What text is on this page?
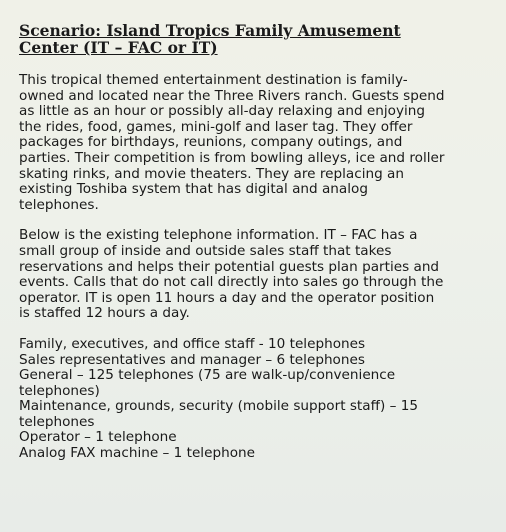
Scenario: Island Tropics Family Amusement Center (IT – FAC or IT)

This tropical themed entertainment destination is family-owned and located near the Three Rivers ranch. Guests spend as little as an hour or possibly all-day relaxing and enjoying the rides, food, games, mini-golf and laser tag. They offer packages for birthdays, reunions, company outings, and parties. Their competition is from bowling alleys, ice and roller skating rinks, and movie theaters. They are replacing an existing Toshiba system that has digital and analog telephones.

Below is the existing telephone information. IT – FAC has a small group of inside and outside sales staff that takes reservations and helps their potential guests plan parties and events. Calls that do not call directly into sales go through the operator. IT is open 11 hours a day and the operator position is staffed 12 hours a day.

Family, executives, and office staff - 10 telephones
Sales representatives and manager – 6 telephones
General – 125 telephones (75 are walk-up/convenience telephones)
Maintenance, grounds, security (mobile support staff) – 15 telephones
Operator – 1 telephone
Analog FAX machine – 1 telephone
